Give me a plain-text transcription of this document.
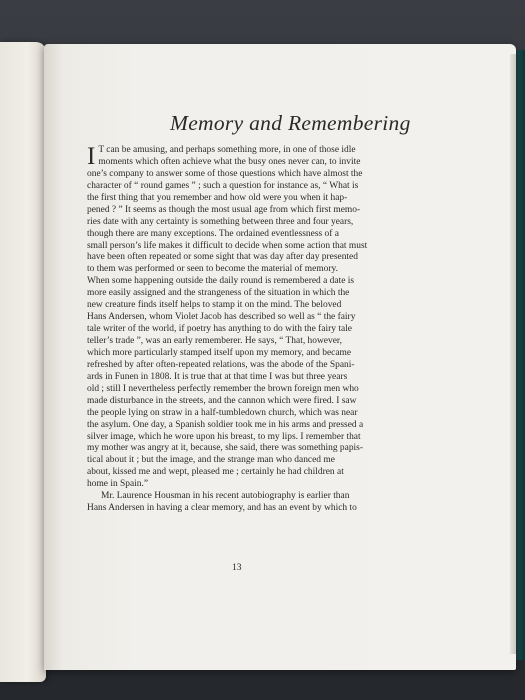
Memory and Remembering
I T can be amusing, and perhaps something more, in one of those idle
moments which often achieve what the busy ones never can, to invite
one’s company to answer some of those questions which have almost the
character of “ round games ” ; such a question for instance as, “ What is
the first thing that you remember and how old were you when it hap-
pened ? ” It seems as though the most usual age from which first memo-
ries date with any certainty is something between three and four years,
though there are many exceptions. The ordained eventlessness of a
small person’s life makes it difficult to decide when some action that must
have been often repeated or some sight that was day after day presented
to them was performed or seen to become the material of memory.
When some happening outside the daily round is remembered a date is
more easily assigned and the strangeness of the situation in which the
new creature finds itself helps to stamp it on the mind. The beloved
Hans Andersen, whom Violet Jacob has described so well as “ the fairy
tale writer of the world, if poetry has anything to do with the fairy tale
teller’s trade ”, was an early rememberer. He says, “ That, however,
which more particularly stamped itself upon my memory, and became
refreshed by after often-repeated relations, was the abode of the Spani-
ards in Funen in 1808. It is true that at that time I was but three years
old ; still I nevertheless perfectly remember the brown foreign men who
made disturbance in the streets, and the cannon which were fired. I saw
the people lying on straw in a half-tumbledown church, which was near
the asylum. One day, a Spanish soldier took me in his arms and pressed a
silver image, which he wore upon his breast, to my lips. I remember that
my mother was angry at it, because, she said, there was something papis-
tical about it ; but the image, and the strange man who danced me
about, kissed me and wept, pleased me ; certainly he had children at
home in Spain.”
Mr. Laurence Housman in his recent autobiography is earlier than
Hans Andersen in having a clear memory, and has an event by which to
13
